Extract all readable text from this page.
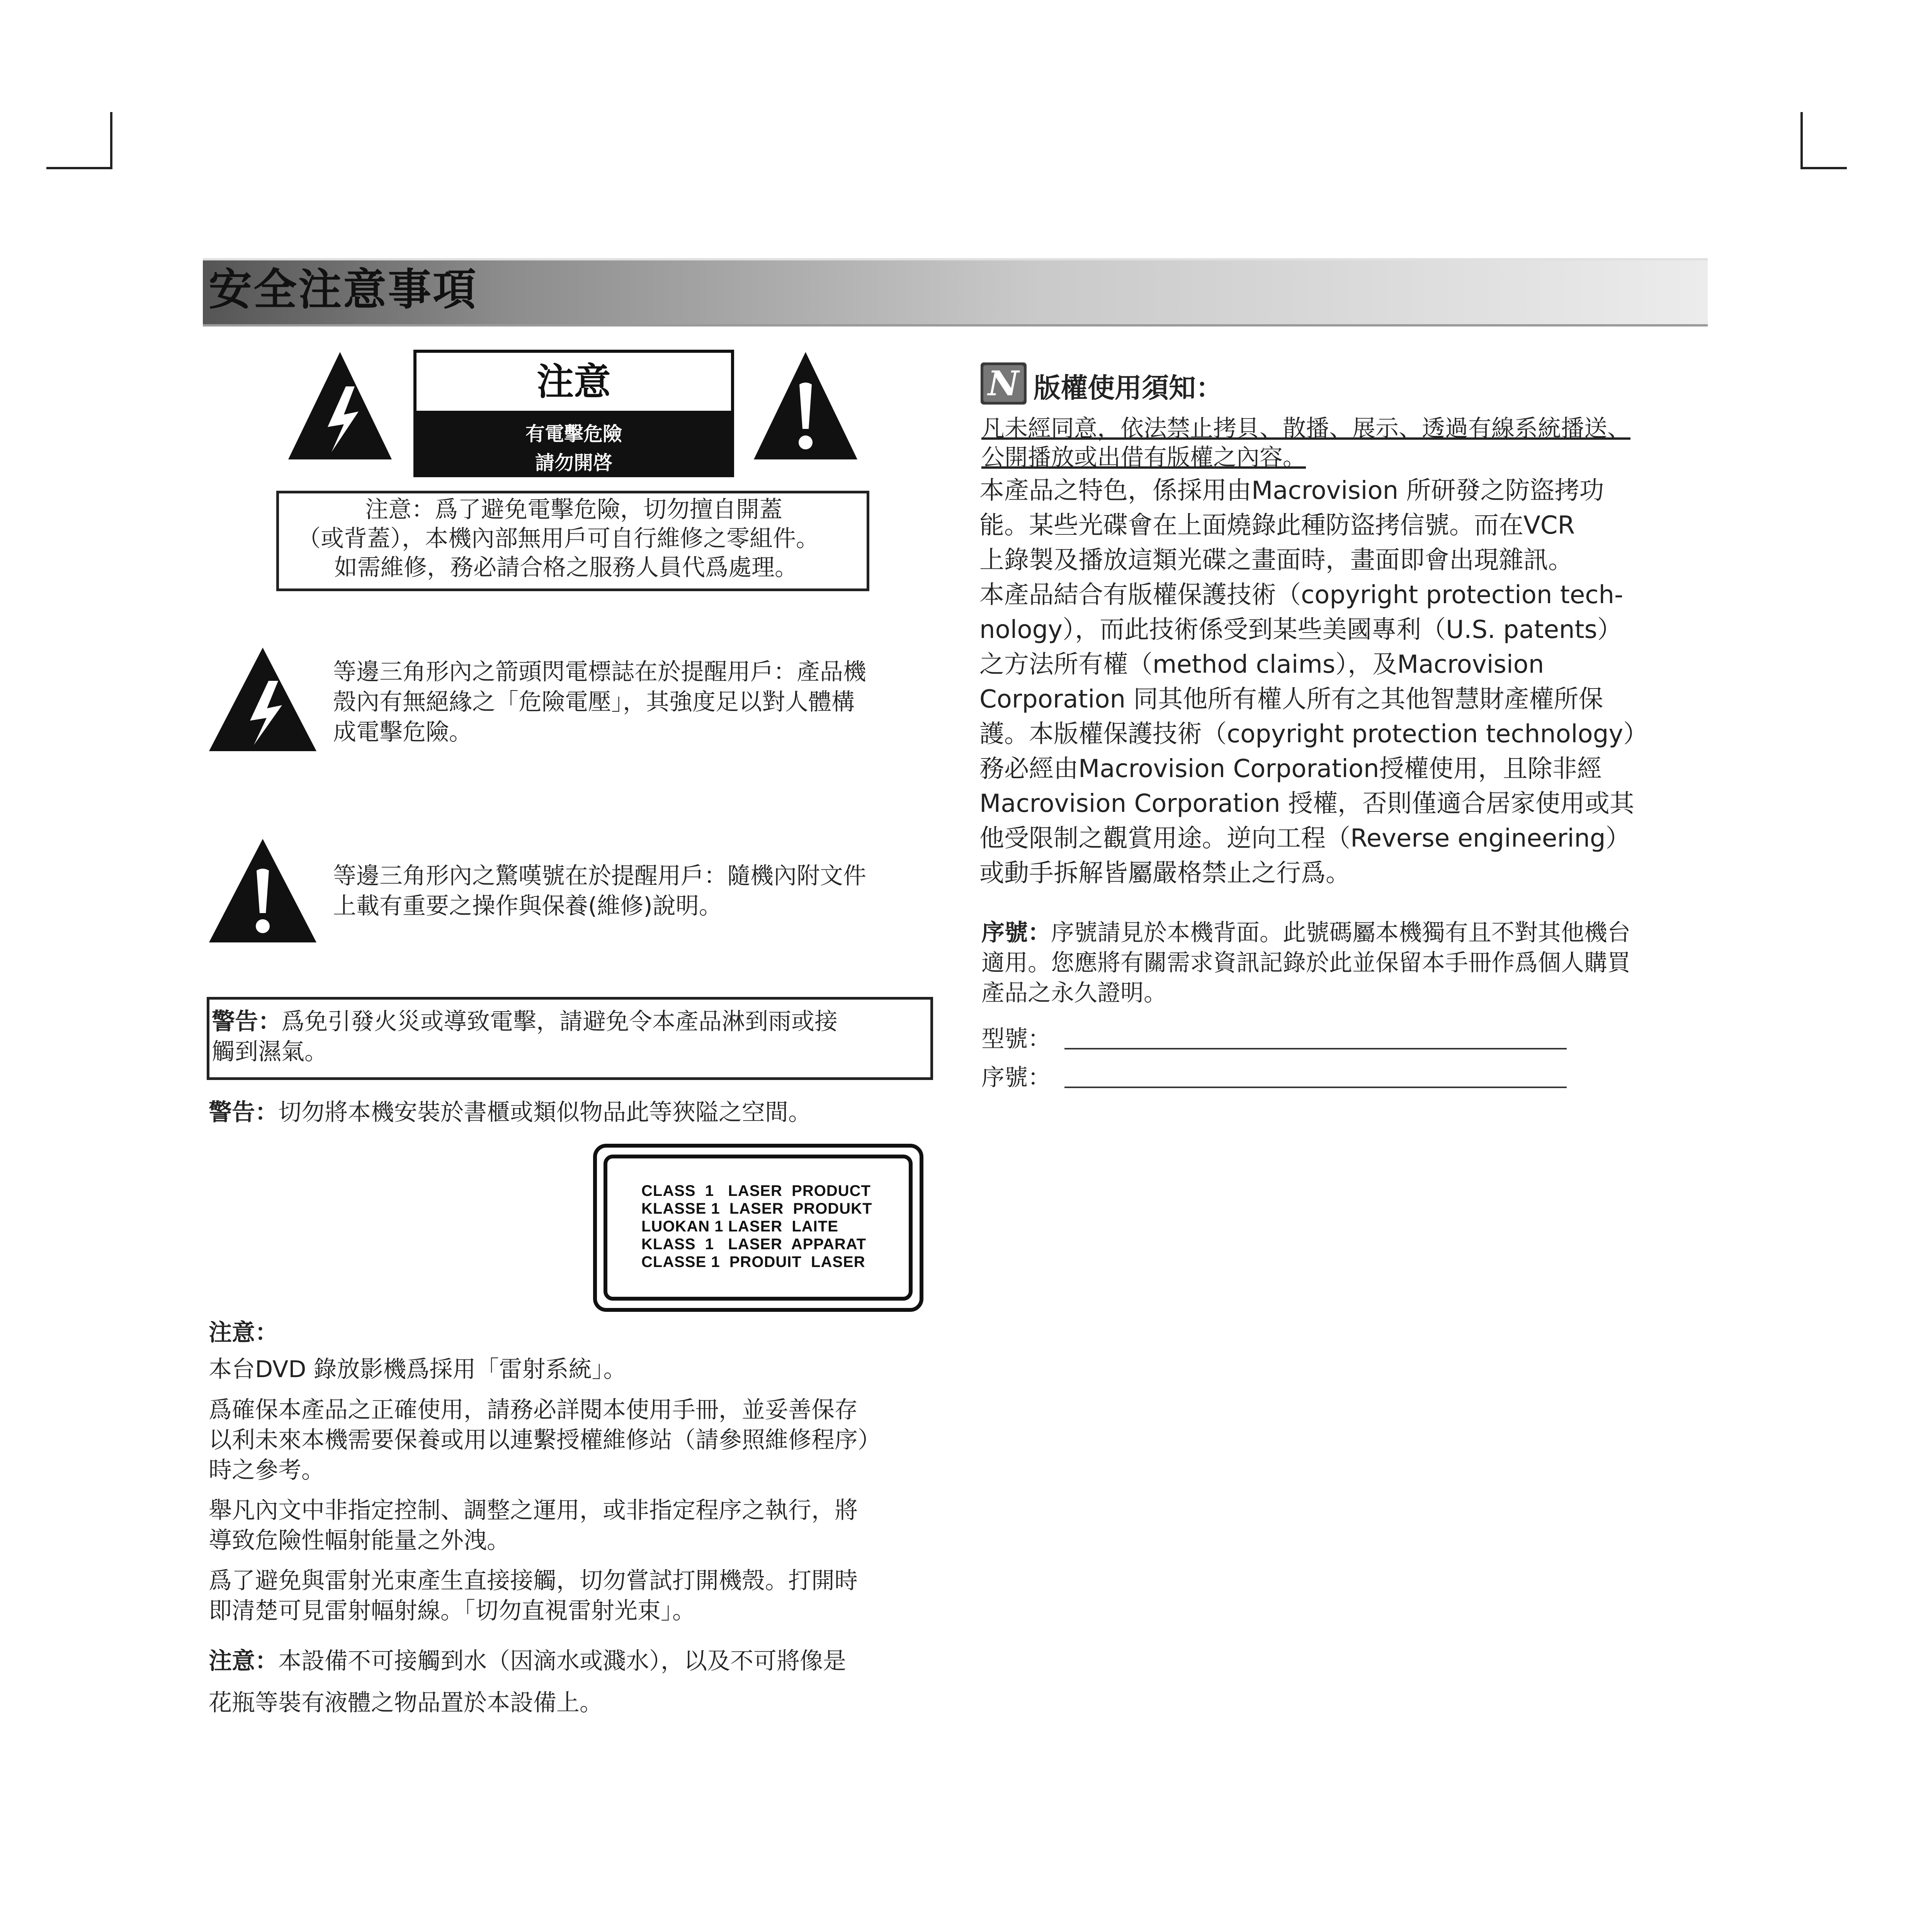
安全注意事項
注意
有電擊危險
請勿開啓
注意：爲了避免電擊危險，切勿擅自開蓋
（或背蓋），本機內部無用戶可自行維修之零組件。
如需維修，務必請合格之服務人員代爲處理。
等邊三角形內之箭頭閃電標誌在於提醒用戶：產品機
殼內有無絕緣之「危險電壓」，其強度足以對人體構
成電擊危險。
等邊三角形內之驚嘆號在於提醒用戶：隨機內附文件
上載有重要之操作與保養(維修)說明。
警告：爲免引發火災或導致電擊，請避免令本產品淋到雨或接
觸到濕氣。
警告：切勿將本機安裝於書櫃或類似物品此等狹隘之空間。
CLASS  1   LASER  PRODUCT
KLASSE 1  LASER  PRODUKT
LUOKAN 1 LASER  LAITE
KLASS  1   LASER  APPARAT
CLASSE 1  PRODUIT  LASER
注意：
本台DVD 錄放影機爲採用「雷射系統」。
爲確保本產品之正確使用，請務必詳閱本使用手冊，並妥善保存
以利未來本機需要保養或用以連繫授權維修站（請參照維修程序）
時之參考。
舉凡內文中非指定控制、調整之運用，或非指定程序之執行，將
導致危險性幅射能量之外洩。
爲了避免與雷射光束產生直接接觸，切勿嘗試打開機殼。打開時
即清楚可見雷射幅射線。「切勿直視雷射光束」。
注意：本設備不可接觸到水（因滴水或濺水），以及不可將像是
花瓶等裝有液體之物品置於本設備上。
N 版權使用須知：
凡未經同意，依法禁止拷貝、散播、展示、透過有線系統播送、
公開播放或出借有版權之內容。
本產品之特色，係採用由Macrovision 所研發之防盜拷功
能。某些光碟會在上面燒錄此種防盜拷信號。而在VCR
上錄製及播放這類光碟之畫面時，畫面即會出現雜訊。
本產品結合有版權保護技術（copyright protection tech-
nology），而此技術係受到某些美國專利（U.S. patents）
之方法所有權（method claims），及Macrovision
Corporation 同其他所有權人所有之其他智慧財產權所保
護。本版權保護技術（copyright protection technology）
務必經由Macrovision Corporation授權使用，且除非經
Macrovision Corporation 授權，否則僅適合居家使用或其
他受限制之觀賞用途。逆向工程（Reverse engineering）
或動手拆解皆屬嚴格禁止之行爲。
序號：序號請見於本機背面。此號碼屬本機獨有且不對其他機台
適用。您應將有關需求資訊記錄於此並保留本手冊作爲個人購買
產品之永久證明。
型號：
序號：
